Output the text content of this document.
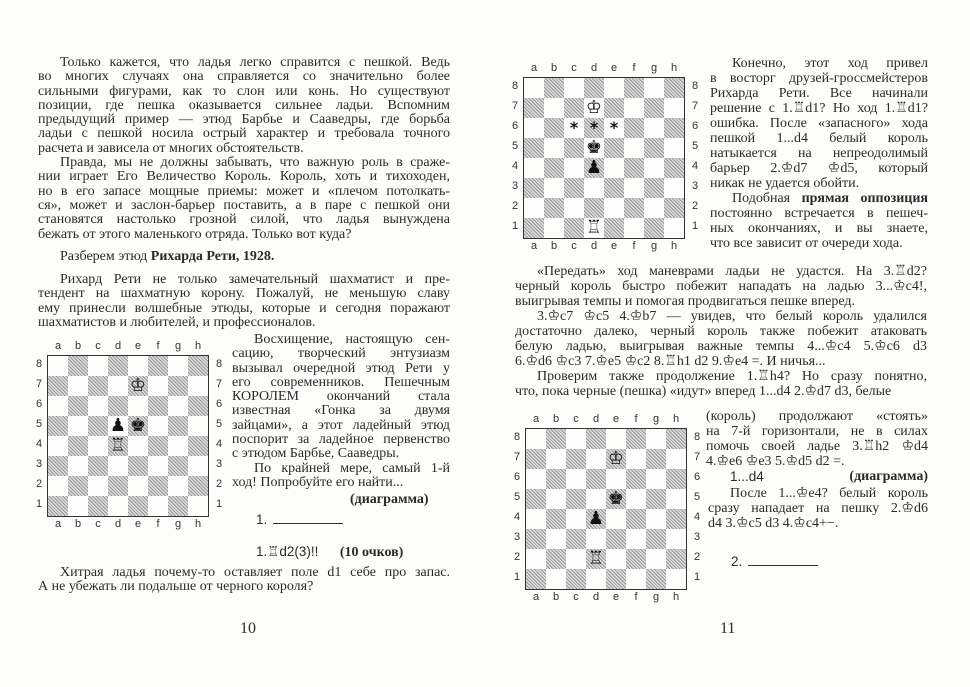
Только кажется, что ладья легко справится с пешкой. Ведь
во многих случаях она справляется со значительно более
сильными фигурами, как то слон или конь. Но существуют
позиции, где пешка оказывается сильнее ладьи. Вспомним
предыдущий пример — этюд Барбье и Сааведры, где борьба
ладьи с пешкой носила острый характер и требовала точного
расчета и зависела от многих обстоятельств.
Правда, мы не должны забывать, что важную роль в сраже-
нии играет Его Величество Король. Король, хоть и тихоходен,
но в его запасе мощные приемы: может и «плечом потолкать-
ся», может и заслон-барьер поставить, а в паре с пешкой они
становятся настолько грозной силой, что ладья вынуждена
бежать от этого маленького отряда. Только вот куда?
Разберем этюд Рихарда Рети, 1928.
Рихард Рети не только замечательный шахматист и пре-
тендент на шахматную корону. Пожалуй, не меньшую славу
ему принесли волшебные этюды, которые и сегодня поражают
шахматистов и любителей, и профессионалов.
Восхищение, настоящую сен-
сацию, творческий энтузиазм
вызывал очередной этюд Рети у
его современников. Пешечным
КОРОЛЕМ окончаний стала
известная «Гонка за двумя
зайцами», а этот ладейный этюд
поспорит за ладейное первенство
с этюдом Барбье, Сааведры.
По крайней мере, самый 1-й
ход! Попробуйте его найти...
(диаграмма)
1.
1.♖d2(3)!! (10 очков)
Хитрая ладья почему-то оставляет поле d1 себе про запас.
А не убежать ли подальше от черного короля?
10
Конечно, этот ход привел
в восторг друзей-гроссмейстеров
Рихарда Рети. Все начинали
решение с 1.♖d1? Но ход 1.♖d1?
ошибка. После «запасного» хода
пешкой 1...d4 белый король
натыкается на непреодолимый
барьер 2.♔d7 ♔d5, который
никак не удается обойти.
Подобная прямая оппозиция
постоянно встречается в пешеч-
ных окончаниях, и вы знаете,
что все зависит от очереди хода.
«Передать» ход маневрами ладьи не удастся. На 3.♖d2?
черный король быстро побежит нападать на ладью 3...♔c4!,
выигрывая темпы и помогая продвигаться пешке вперед.
3.♔c7 ♔c5 4.♔b7 — увидев, что белый король удалился
достаточно далеко, черный король также побежит атаковать
белую ладью, выигрывая важные темпы 4...♔c4 5.♔c6 d3
6.♔d6 ♔c3 7.♔e5 ♔c2 8.♖h1 d2 9.♔e4 =. И ничья...
Проверим также продолжение 1.♖h4? Но сразу понятно,
что, пока черные (пешка) «идут» вперед 1...d4 2.♔d7 d3, белые
(король) продолжают «стоять»
на 7-й горизонтали, не в силах
помочь своей ладье 3.♖h2 ♔d4
4.♔e6 ♔e3 5.♔d5 d2 =.
1...d4	(диаграмма)
После 1...♔e4? белый король
сразу нападает на пешку 2.♔d6
d4 3.♔c5 d3 4.♔c4+−.
2.
11
♔
♟ ♚
♖
a
a
b
b
c
c
d
d
e
e
f
f
g
g
h
h
8	8
7	7
6	6
5	5
4	4
3	3
2	2
1	1
♔
♚
♟
♖
* * *
a
a
b
b
c
c
d
d
e
e
f
f
g
g
h
h
8	8
7	7
6	6
5	5
4	4
3	3
2	2
1	1
♔
♚
♟
♖
a
a
b
b
c
c
d
d
e
e
f
f
g
g
h
h
8	8
7	7
6	6
5	5
4	4
3	3
2	2
1	1
